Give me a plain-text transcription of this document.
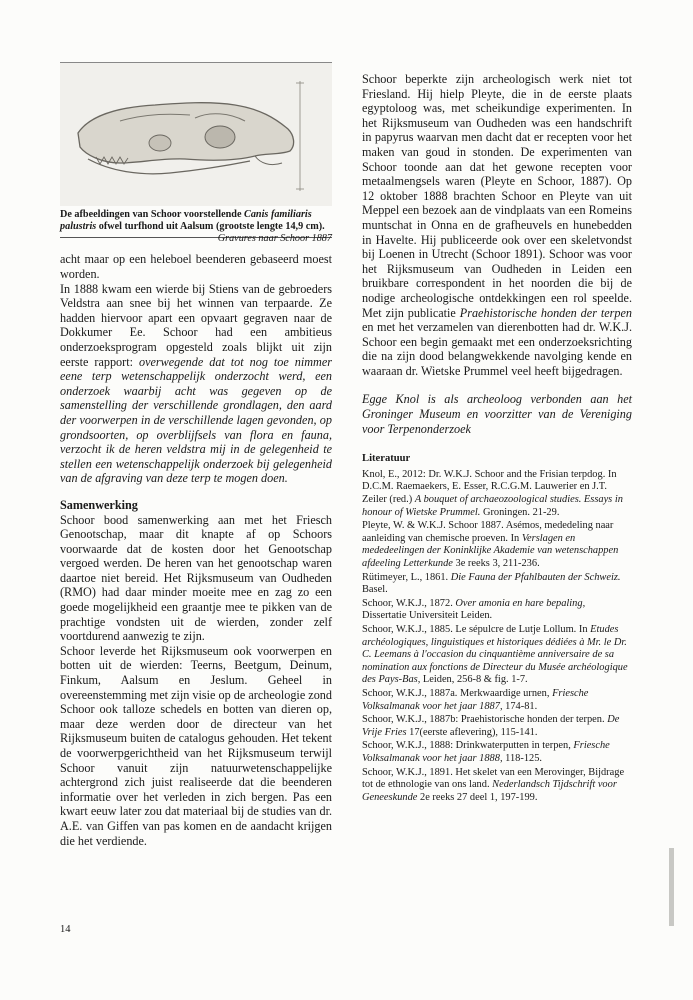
De afbeeldingen van Schoor voorstellende Canis familiaris palustris ofwel turfhond uit Aalsum (grootste lengte 14,9 cm).
Gravures naar Schoor 1887

acht maar op een heleboel beenderen gebaseerd moest worden.

In 1888 kwam een wierde bij Stiens van de gebroeders Veldstra aan snee bij het winnen van terpaarde. Ze hadden hiervoor apart een opvaart gegraven naar de Dokkumer Ee. Schoor had een ambitieus onderzoeksprogram opgesteld zoals blijkt uit zijn eerste rapport: overwegende dat tot nog toe nimmer eene terp wetenschappelijk onderzocht werd, een onderzoek waarbij acht was gegeven op de samenstelling der verschillende grondlagen, den aard der voorwerpen in de verschillende lagen gevonden, op grondsoorten, op overblijfsels van flora en fauna, verzocht ik de heren veldstra mij in de gelegenheid te stellen een wetenschappelijk onderzoek bij gelegenheid van de afgraving van deze terp te mogen doen.

Samenwerking

Schoor bood samenwerking aan met het Friesch Genootschap, maar dit knapte af op Schoors voorwaarde dat de kosten door het Genootschap vergoed werden. De heren van het genootschap waren daartoe niet bereid. Het Rijksmuseum van Oudheden (RMO) had daar minder moeite mee en zag zo een goede mogelijkheid een graantje mee te pikken van de prachtige vondsten uit de wierden, zonder zelf voortdurend aanwezig te zijn.

Schoor leverde het Rijksmuseum ook voorwerpen en botten uit de wierden: Teerns, Beetgum, Deinum, Finkum, Aalsum en Jeslum. Geheel in overeenstemming met zijn visie op de archeologie zond Schoor ook talloze schedels en botten van dieren op, maar deze werden door de directeur van het Rijksmuseum buiten de catalogus gehouden. Het tekent de voorwerpgerichtheid van het Rijksmuseum terwijl Schoor vanuit zijn natuurwetenschappelijke achtergrond zich juist realiseerde dat die beenderen informatie over het verleden in zich bergen. Pas een kwart eeuw later zou dat materiaal bij de studies van dr. A.E. van Giffen van pas komen en de aandacht krijgen die het verdiende.

Schoor beperkte zijn archeologisch werk niet tot Friesland. Hij hielp Pleyte, die in de eerste plaats egyptoloog was, met scheikundige experimenten. In het Rijksmuseum van Oudheden was een handschrift in papyrus waarvan men dacht dat er recepten voor het maken van goud in stonden. De experimenten van Schoor toonde aan dat het gewone recepten voor metaalmengsels waren (Pleyte en Schoor, 1887). Op 12 oktober 1888 brachten Schoor en Pleyte van uit Meppel een bezoek aan de vindplaats van een Romeins muntschat in Onna en de grafheuvels en hunebedden in Havelte. Hij publiceerde ook over een skeletvondst bij Loenen in Utrecht (Schoor 1891). Schoor was voor het Rijksmuseum van Oudheden in Leiden een bruikbare correspondent in het noorden die bij de nodige archeologische ontdekkingen een rol speelde. Met zijn publicatie Praehistorische honden der terpen en met het verzamelen van dierenbotten had dr. W.K.J. Schoor een begin gemaakt met een onderzoeksrichting die na zijn dood belangwekkende navolging kende en waaraan dr. Wietske Prummel veel heeft bijgedragen.

Egge Knol is als archeoloog verbonden aan het Groninger Museum en voorzitter van de Vereniging voor Terpenonderzoek

Literatuur

Knol, E., 2012: Dr. W.K.J. Schoor and the Frisian terpdog. In D.C.M. Raemaekers, E. Esser, R.C.G.M. Lauwerier en J.T. Zeiler (red.) A bouquet of archaeozoological studies. Essays in honour of Wietske Prummel. Groningen. 21-29.

Pleyte, W. & W.K.J. Schoor 1887. Asémos, mededeling naar aanleiding van chemische proeven. In Verslagen en mededeelingen der Koninklijke Akademie van wetenschappen afdeeling Letterkunde 3e reeks 3, 211-236.

Rütimeyer, L., 1861. Die Fauna der Pfahlbauten der Schweiz. Basel.

Schoor, W.K.J., 1872. Over amonia en hare bepaling, Dissertatie Universiteit Leiden.

Schoor, W.K.J., 1885. Le sépulcre de Lutje Lollum. In Etudes archéologiques, linguistiques et historiques dédiées à Mr. le Dr. C. Leemans à l'occasion du cinquantième anniversaire de sa nomination aux fonctions de Directeur du Musée archéologique des Pays-Bas, Leiden, 256-8 & fig. 1-7.

Schoor, W.K.J., 1887a. Merkwaardige urnen, Friesche Volksalmanak voor het jaar 1887, 174-81.

Schoor, W.K.J., 1887b: Praehistorische honden der terpen. De Vrije Fries 17(eerste aflevering), 115-141.

Schoor, W.K.J., 1888: Drinkwaterputten in terpen, Friesche Volksalmanak voor het jaar 1888, 118-125.

Schoor, W.K.J., 1891. Het skelet van een Merovinger, Bijdrage tot de ethnologie van ons land. Nederlandsch Tijdschrift voor Geneeskunde 2e reeks 27 deel 1, 197-199.

14
